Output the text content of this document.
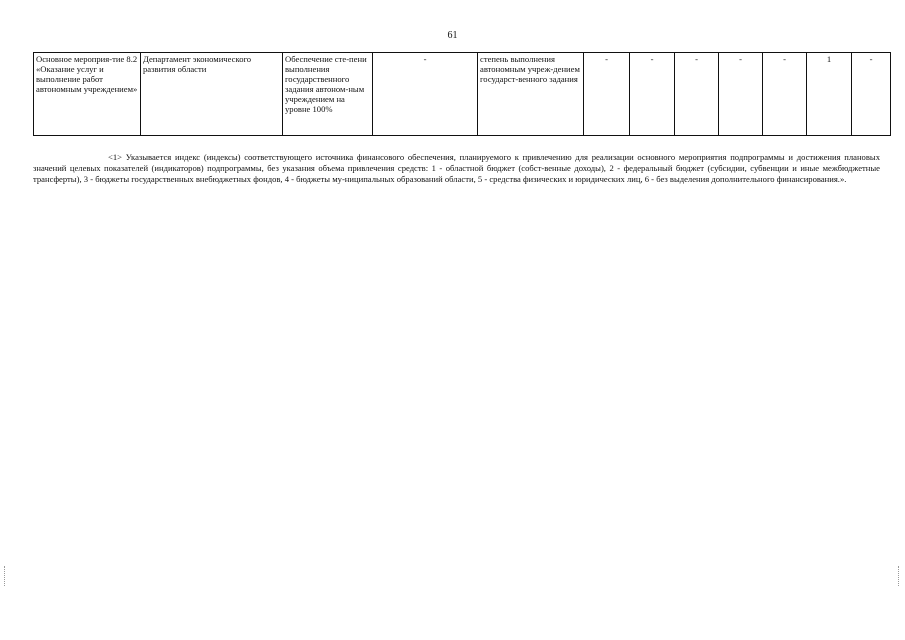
61
Основное мероприя-тие 8.2 «Оказание услуг и выполнение работ автономным учреждением»	Департамент экономического развития области	Обеспечение сте-пени выполнения государственного задания автоном-ным учреждением на уровне 100%	-	степень выполнения автономным учреж-дением государст-венного задания	-	-	-	-	-	1	-

<1> Указывается индекс (индексы) соответствующего источника финансового обеспечения, планируемого к привлечению для реализации основного мероприятия подпрограммы и достижения плановых значений целевых показателей (индикаторов) подпрограммы, без указания объема привлечения средств: 1 - областной бюджет (собст-венные доходы), 2 - федеральный бюджет (субсидии, субвенции и иные межбюджетные трансферты), 3 - бюджеты государственных внебюджетных фондов, 4 - бюджеты му-ниципальных образований области, 5 - средства физических и юридических лиц, 6 - без выделения дополнительного финансирования.».
